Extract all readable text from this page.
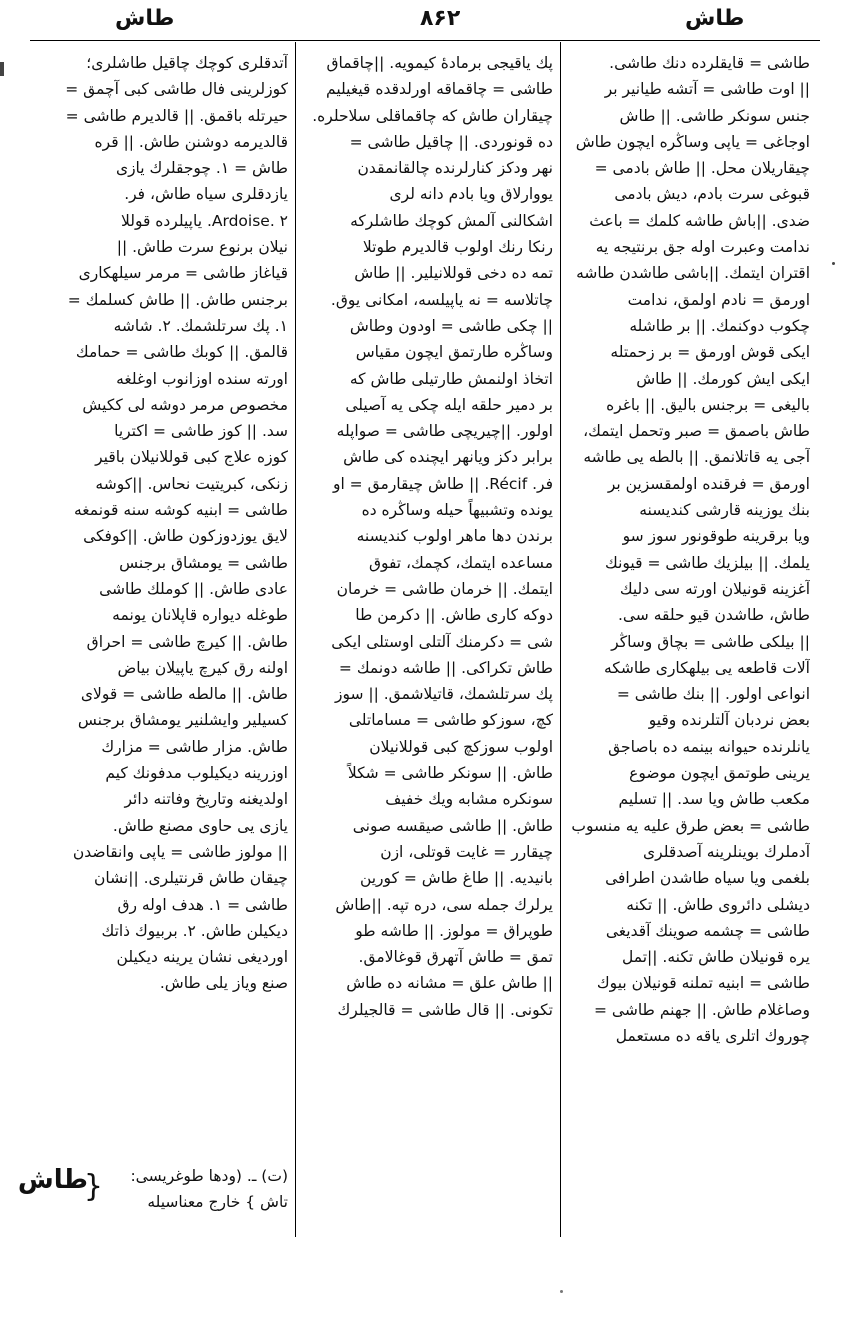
طاش	۸۶۲	طاش
طاشی = قایقلرده دنك طاشی.
|| اوت طاشی = آتشه طیانیر بر
جنس سونكر طاشی. || طاش
اوجاغی = یاپی وساڭره ایچون طاش
چیقاریلان محل. || طاش بادمی =
قبوغی سرت بادم، دیش بادمی
ضدی. ||باش طاشه كلمك = باعث
ندامت وعبرت اوله جق برنتیجه یه
اقتران ایتمك. ||باشی طاشدن طاشه
اورمق = نادم اولمق، ندامت
چكوب دوكنمك. || بر طاشله
ایكی قوش اورمق = بر زحمتله
ایكی ایش كورمك. || طاش
بالیغی = برجنس بالیق. || باغره
طاش باصمق = صبر وتحمل ایتمك،
آجی یه قاتلانمق. || بالطه یی طاشه
اورمق = فرقنده اولمقسزین بر
بنك یوزینه قارشی كندیسنه
ویا برقرینه طوقونور سوز سو
یلمك. || بیلزیك طاشی = قیونك
آغزینه قونیلان اورته سی دلیك
طاش، طاشدن قیو حلقه سی.
|| بیلكی طاشی = بچاق وساڭر
آلات قاطعه یی بیلهكاری طاشكه
انواعی اولور. || بنك طاشی =
بعض نردبان آلتلرنده وقیو
یانلرنده حیوانه بینمه ده باصاجق
یرینی طوتمق ایچون موضوع
مكعب طاش ویا سد. || تسلیم
طاشی = بعض طرق علیه یه منسوب
آدملرك بوینلرینه آصدقلری
بلغمی ویا سیاه طاشدن اطرافی
دیشلی دائروی طاش. || تكنه
طاشی = چشمه صوینك آقدیغی
یره قونیلان طاش تكنه. ||تمل
طاشی = ابنیه تملنه قونیلان بیوك
وصاغلام طاش. || جهنم طاشی =
چوروك اتلری یاقه ده مستعمل
پك یاقیجی برمادهٔ كیمویه. ||چاقماق
طاشی = چاقماقه اورلدقده قیغیلیم
چیقاران طاش كه چاقماقلی سلاحلره.
ده قونوردی. || چاقیل طاشی =
نهر ودكز كنارلرنده چالقانمقدن
یووارلاق ویا بادم دانه لری
اشكالنی آلمش كوچك طاشلركه
رنكا رنك اولوب قالدیرم طوتلا
تمه ده دخی قوللانیلیر. || طاش
چاتلاسه = نه یاپیلسه، امكانی یوق.
|| چكی طاشی = اودون وطاش
وساڭره طارتمق ایچون مقیاس
اتخاذ اولنمش طارتیلی طاش كه
بر دمیر حلقه ایله چكی یه آصیلی
اولور. ||چیریچی طاشی = صواپله
برابر دكز ویانهر ایچنده كی طاش
فر. Récif. || طاش چیقارمق = او
یونده وتشبیهاً حیله وساڭره ده
برندن دها ماهر اولوب كندیسنه
مساعده ایتمك، كچمك، تفوق
ایتمك. || خرمان طاشی = خرمان
دوكه كاری طاش. || دكرمن طا
شی = دكرمنك آلتلی اوستلی ایكی
طاش تكراكی. || طاشه دونمك =
پك سرتلشمك، قاتیلاشمق. || سوز
كچ، سوزكو طاشی = مساماتلی
اولوب سوزكچ كبی قوللانیلان
طاش. || سونكر طاشی = شكلاً
سونكره مشابه ویك خفیف
طاش. || طاشی صیقسه صونی
چیقارر = غایت قوتلی، ازن
بانیدیه. || طاغ طاش = كورین
یرلرك جمله سی، دره تپه. ||طاش
طوپراق = مولوز. || طاشه طو
تمق = طاش آتهرق قوغالامق.
|| طاش علق = مشانه ده طاش
تكونی. || قال طاشی = قالجیلرك
آتدقلری كوچك چاقیل طاشلری؛
كوزلرینی فال طاشی كبی آچمق =
حیرتله باقمق. || قالدیرم طاشی =
قالدیرمه دوشنن طاش. || قره
طاش = ۱. چوجقلرك یازی
یازدقلری سیاه طاش، فر.
Ardoise. ۲. یاپیلرده قوللا
نیلان برنوع سرت طاش. ||
قیاغاز طاشی = مرمر سیلهكاری
برجنس طاش. || طاش كسلمك =
۱. پك سرتلشمك. ۲. شاشه
قالمق. || كوبك طاشی = حمامك
اورته سنده اوزانوب اوغلغه
مخصوص مرمر دوشه لی ككیش
سد. || كوز طاشی = اكتریا
كوزه علاج كبی قوللانیلان باقیر
زنكی، كبریتیت نحاس. ||كوشه
طاشی = ابنیه كوشه سنه قونمغه
لایق یوزدوزكون طاش. ||كوفكی
طاشی = یومشاق برجنس
عادی طاش. || كوملك طاشی
طوغله دیواره قاپلانان یونمه
طاش. || كیرچ طاشی = احراق
اولنه رق كیرچ یاپیلان بیاض
طاش. || مالطه طاشی = قولای
كسیلیر وایشلنیر یومشاق برجنس
طاش. مزار طاشی = مزارك
اوزرینه دیكیلوب مدفونك كیم
اولدیغنه وتاریخ وفاتنه دائر
یازی یی حاوی مصنع طاش.
|| مولوز طاشی = یاپی وانقاضدن
چیقان طاش قرنتیلری. ||نشان
طاشی = ۱. هدف اوله رق
دیكیلن طاش. ۲. بربیوك ذاتك
اوردیغی نشان یرینه دیكیلن
صنع ویاز یلی طاش.
طاش
{ (ت) ـ. (ودها طوغریسی:
تاش } خارج معناسیله
